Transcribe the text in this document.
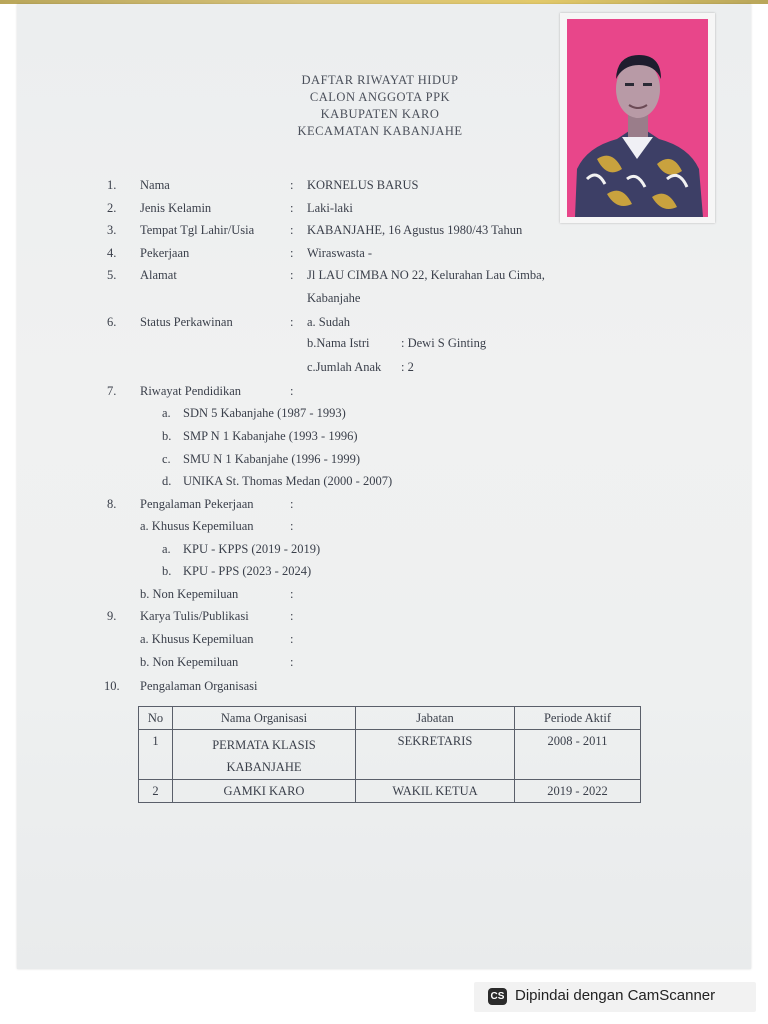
DAFTAR RIWAYAT HIDUP
CALON ANGGOTA PPK
KABUPATEN KARO
KECAMATAN KABANJAHE
1. Nama	: KORNELUS BARUS
2. Jenis Kelamin	: Laki-laki
3. Tempat Tgl Lahir/Usia	: KABANJAHE, 16 Agustus 1980/43 Tahun
4. Pekerjaan	: Wiraswasta -
5. Alamat	: Jl LAU CIMBA NO 22, Kelurahan Lau Cimba,
Kabanjahe
6. Status Perkawinan	: a. Sudah
b.Nama Istri	: Dewi S Ginting
c.Jumlah Anak : 2
7. Riwayat Pendidikan	:
a. SDN 5 Kabanjahe (1987 - 1993)
b. SMP N 1 Kabanjahe (1993 - 1996)
c. SMU N 1 Kabanjahe (1996 - 1999)
d. UNIKA St. Thomas Medan (2000 - 2007)
8. Pengalaman Pekerjaan	:
a. Khusus Kepemiluan	:
a. KPU - KPPS (2019 - 2019)
b. KPU - PPS (2023 - 2024)
b. Non Kepemiluan	:
9. Karya Tulis/Publikasi	:
a. Khusus Kepemiluan	:
b. Non Kepemiluan	:
10. Pengalaman Organisasi
No	Nama Organisasi	Jabatan	Periode Aktif
1	PERMATA KLASIS
KABANJAHE	SEKRETARIS	2008 - 2011
2	GAMKI KARO	WAKIL KETUA	2019 - 2022
CS Dipindai dengan CamScanner
